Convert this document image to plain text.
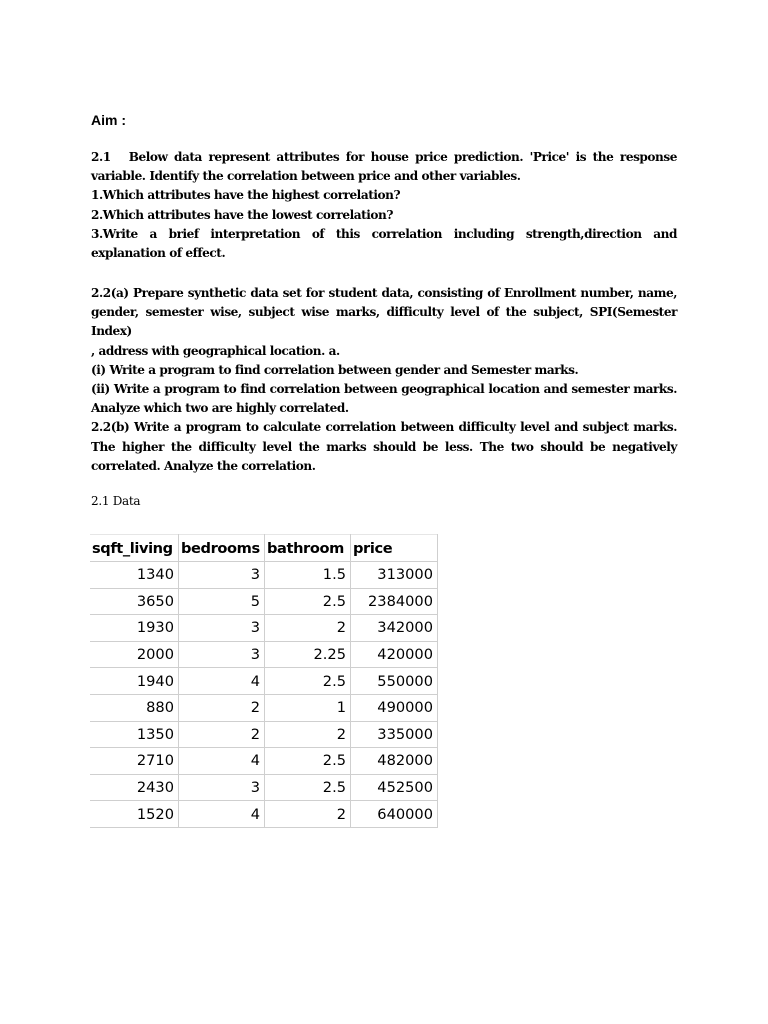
Aim :

2.1 Below data represent attributes for house price prediction. 'Price' is the response

variable. Identify the correlation between price and other variables.

1.Which attributes have the highest correlation?

2.Which attributes have the lowest correlation?

3.Write a brief interpretation of this correlation including strength,direction and

explanation of effect.

2.2(a) Prepare synthetic data set for student data, consisting of Enrollment number, name,

gender, semester wise, subject wise marks, difficulty level of the subject, SPI(Semester Index)

, address with geographical location. a.

(i) Write a program to find correlation between gender and Semester marks.

(ii) Write a program to find correlation between geographical location and semester marks.

Analyze which two are highly correlated.

2.2(b) Write a program to calculate correlation between difficulty level and subject marks.

The higher the difficulty level the marks should be less. The two should be negatively

correlated. Analyze the correlation.

2.1 Data
sqft_living	bedrooms	bathroom	price
1340	3	1.5	313000
3650	5	2.5	2384000
1930	3	2	342000
2000	3	2.25	420000
1940	4	2.5	550000
880	2	1	490000
1350	2	2	335000
2710	4	2.5	482000
2430	3	2.5	452500
1520	4	2	640000
